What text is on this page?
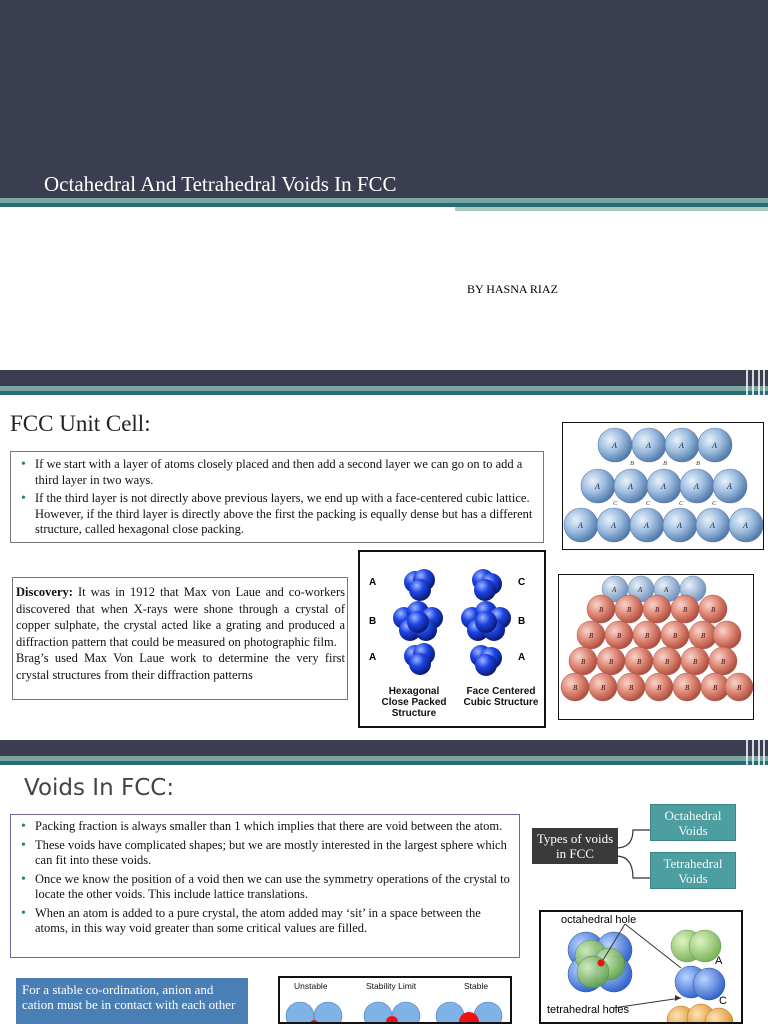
Octahedral And Tetrahedral Voids In FCC
BY HASNA RIAZ
FCC Unit Cell:
• If we start with a layer of atoms closely placed and then add a second layer we can go on to add a third layer in two ways.
• If the third layer is not directly above previous layers, we end up with a face-centered cubic lattice. However, if the third layer is directly above the first the packing is equally dense but has a different structure, called hexagonal close packing.
Discovery: It was in 1912 that Max von Laue and co-workers discovered that when X-rays were shone through a crystal of copper sulphate, the crystal acted like a grating and produced a diffraction pattern that could be measured on photographic film.
Brag’s used Max Von Laue work to determine the very first crystal structures from their diffraction patterns
A	A	A	A
A	A	A	A	A
A	A	A	A	A	A
B	B	B
C	C	C	C
A
B
A
C
B
A
Hexagonal Close Packed Structure
Face Centered Cubic Structure
A	A	A
B	B	B	B	B
B	B	B	B	B
B	B	B	B	B	B
B	B	B	B	B	B	B
Voids In FCC:
• Packing fraction is always smaller than 1 which implies that there are void between the atom.
• These voids have complicated shapes; but we are mostly interested in the largest sphere which can fit into these voids.
• Once we know the position of a void then we can use the symmetry operations of the crystal to locate the other voids. This include lattice translations.
• When an atom is added to a pure crystal, the atom added may ‘sit’ in a space between the atoms, in this way void greater than some critical values are filled.
Types of voids in FCC
Octahedral Voids
Tetrahedral Voids
octahedral hole
tetrahedral holes
A
C
For a stable co-ordination, anion and cation must be in contact with each other
Unstable	Stability Limit	Stable
